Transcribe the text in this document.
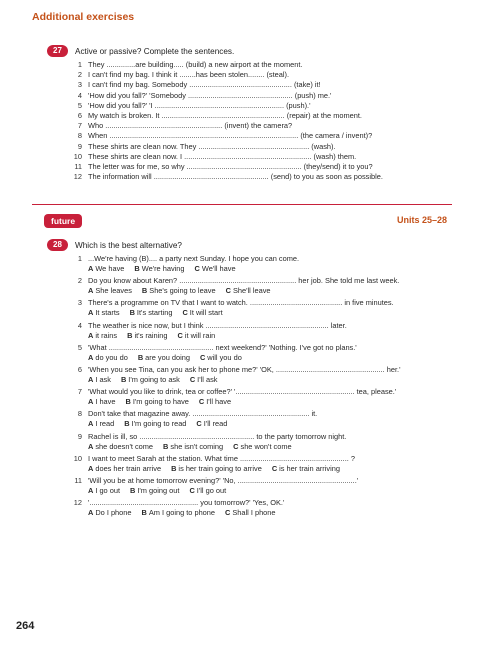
Additional exercises
27	Active or passive? Complete the sentences.
1 They ..............are building..... (build) a new airport at the moment.
2 I can't find my bag. I think it ........has been stolen........ (steal).
3 I can't find my bag. Somebody .................................................. (take) it!
4 'How did you fall?' 'Somebody ................................................... (push) me.'
5 'How did you fall?' 'I ............................................................... (push).'
6 My watch is broken. It ............................................................ (repair) at the moment.
7 Who ......................................................... (invent) the camera?
8 When ............................................................................................ (the camera / invent)?
9 These shirts are clean now. They ...................................................... (wash).
10 These shirts are clean now. I .............................................................. (wash) them.
11 The letter was for me, so why ........................................................ (they/send) it to you?
12 The information will ........................................................ (send) to you as soon as possible.
future	Units 25–28
28	Which is the best alternative?
1 ...We're having (B).... a party next Sunday. I hope you can come.
A We have B We're having C We'll have
2 Do you know about Karen? ......................................................... her job. She told me last week.
A She leaves B She's going to leave C She'll leave
3 There's a programme on TV that I want to watch. ............................................. in five minutes.
A It starts B It's starting C It will start
4 The weather is nice now, but I think ............................................................ later.
A it rains B it's raining C it will rain
5 'What ................................................... next weekend?' 'Nothing. I've got no plans.'
A do you do B are you doing C will you do
6 'When you see Tina, can you ask her to phone me?' 'OK, ..................................................... her.'
A I ask B I'm going to ask C I'll ask
7 'What would you like to drink, tea or coffee?' '.......................................................... tea, please.'
A I have B I'm going to have C I'll have
8 Don't take that magazine away. ......................................................... it.
A I read B I'm going to read C I'll read
9 Rachel is ill, so ........................................................ to the party tomorrow night.
A she doesn't come B she isn't coming C she won't come
10 I want to meet Sarah at the station. What time ..................................................... ?
A does her train arrive B is her train going to arrive C is her train arriving
11 'Will you be at home tomorrow evening?' 'No, ..........................................................'
A I go out B I'm going out C I'll go out
12 '..................................................... you tomorrow?' 'Yes, OK.'
A Do I phone B Am I going to phone C Shall I phone
264
